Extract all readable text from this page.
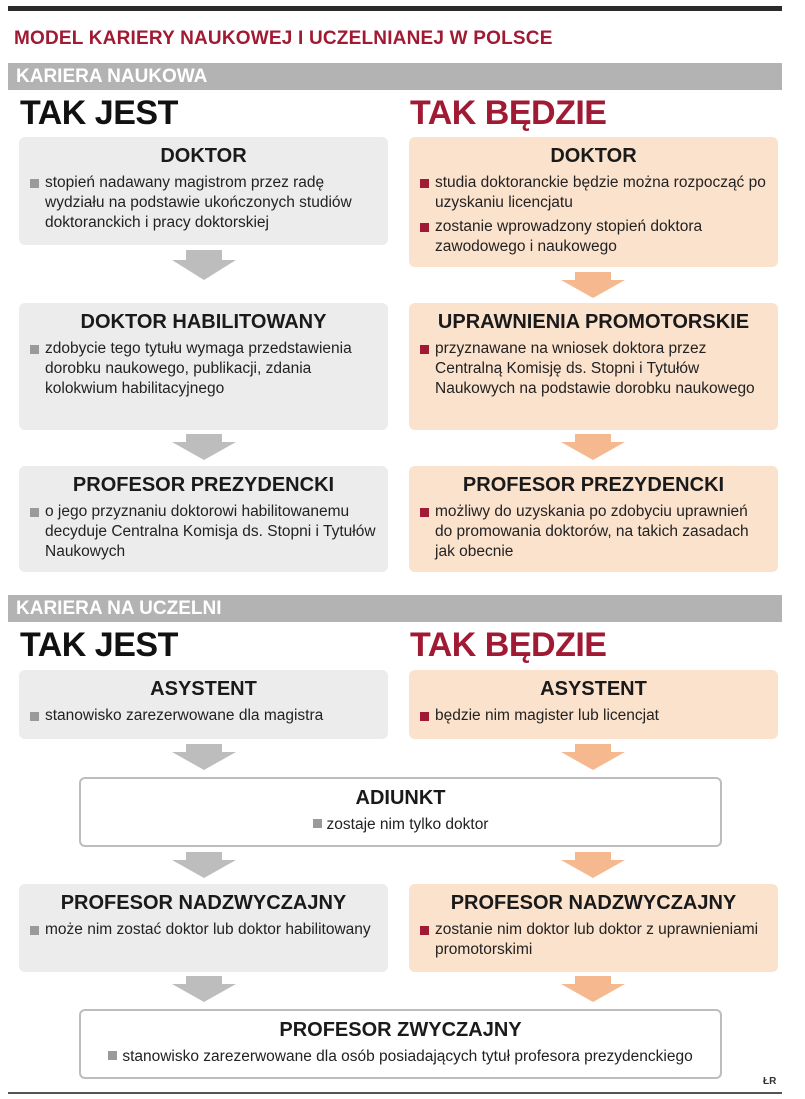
MODEL KARIERY NAUKOWEJ I UCZELNIANEJ W POLSCE
KARIERA NAUKOWA
TAK JEST	TAK BĘDZIE
DOKTOR
stopień nadawany magistrom przez radę wydziału na podstawie ukończonych studiów doktoranckich i pracy doktorskiej
DOKTOR
studia doktoranckie będzie można rozpocząć po uzyskaniu licencjatu
zostanie wprowadzony stopień doktora zawodowego i naukowego
DOKTOR HABILITOWANY
zdobycie tego tytułu wymaga przedstawienia dorobku naukowego, publikacji, zdania kolokwium habilitacyjnego
UPRAWNIENIA PROMOTORSKIE
przyznawane na wniosek doktora przez Centralną Komisję ds. Stopni i Tytułów Naukowych na podstawie dorobku naukowego
PROFESOR PREZYDENCKI
o jego przyznaniu doktorowi habilitowanemu decyduje Centralna Komisja ds. Stopni i Tytułów Naukowych
PROFESOR PREZYDENCKI
możliwy do uzyskania po zdobyciu uprawnień do promowania doktorów, na takich zasadach jak obecnie
KARIERA NA UCZELNI
TAK JEST	TAK BĘDZIE
ASYSTENT
stanowisko zarezerwowane dla magistra
ASYSTENT
będzie nim magister lub licencjat
ADIUNKT
zostaje nim tylko doktor
PROFESOR NADZWYCZAJNY
może nim zostać doktor lub doktor habilitowany
PROFESOR NADZWYCZAJNY
zostanie nim doktor lub doktor z uprawnieniami promotorskimi
PROFESOR ZWYCZAJNY
stanowisko zarezerwowane dla osób posiadających tytuł profesora prezydenckiego
ŁR
